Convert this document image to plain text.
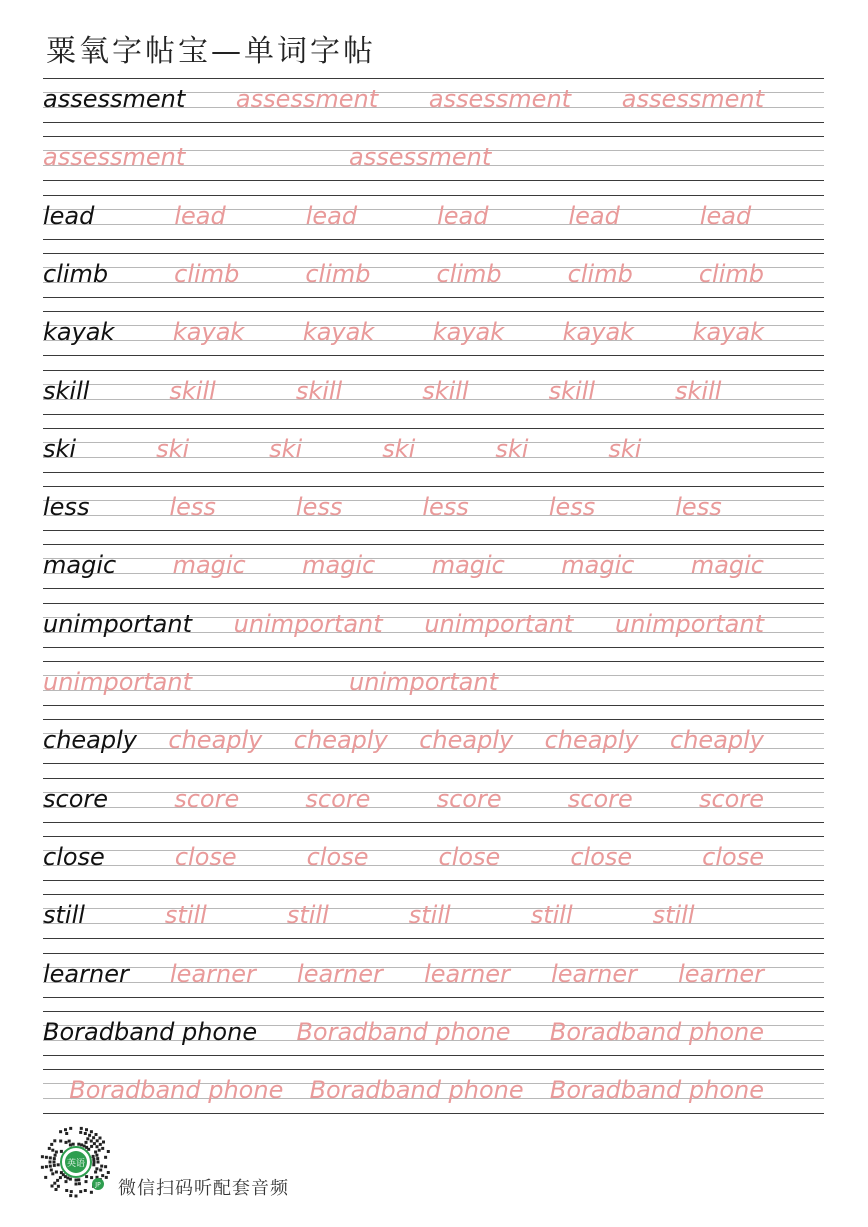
粟氧字帖宝—单词字帖
assessment assessment assessment assessment
assessment	assessment
lead	lead	lead	lead	lead	lead
climb	climb	climb	climb	climb	climb
kayak kayak kayak kayak kayak kayak
skill	skill	skill	skill	skill	skill
ski	ski	ski	ski	ski	ski
less	less	less	less	less	less
magic magic magic magic magic magic
unimportant unimportant unimportant unimportant
unimportant	unimportant
cheaply cheaply cheaply cheaply cheaply cheaply
score	score	score	score	score	score
close	close	close	close	close	close
still	still	still	still	still	still
learner learner learner learner learner learner
Boradband phone Boradband phone Boradband phone
Boradband phone Boradband phone Boradband phone
英语
JP 微信扫码听配套音频
